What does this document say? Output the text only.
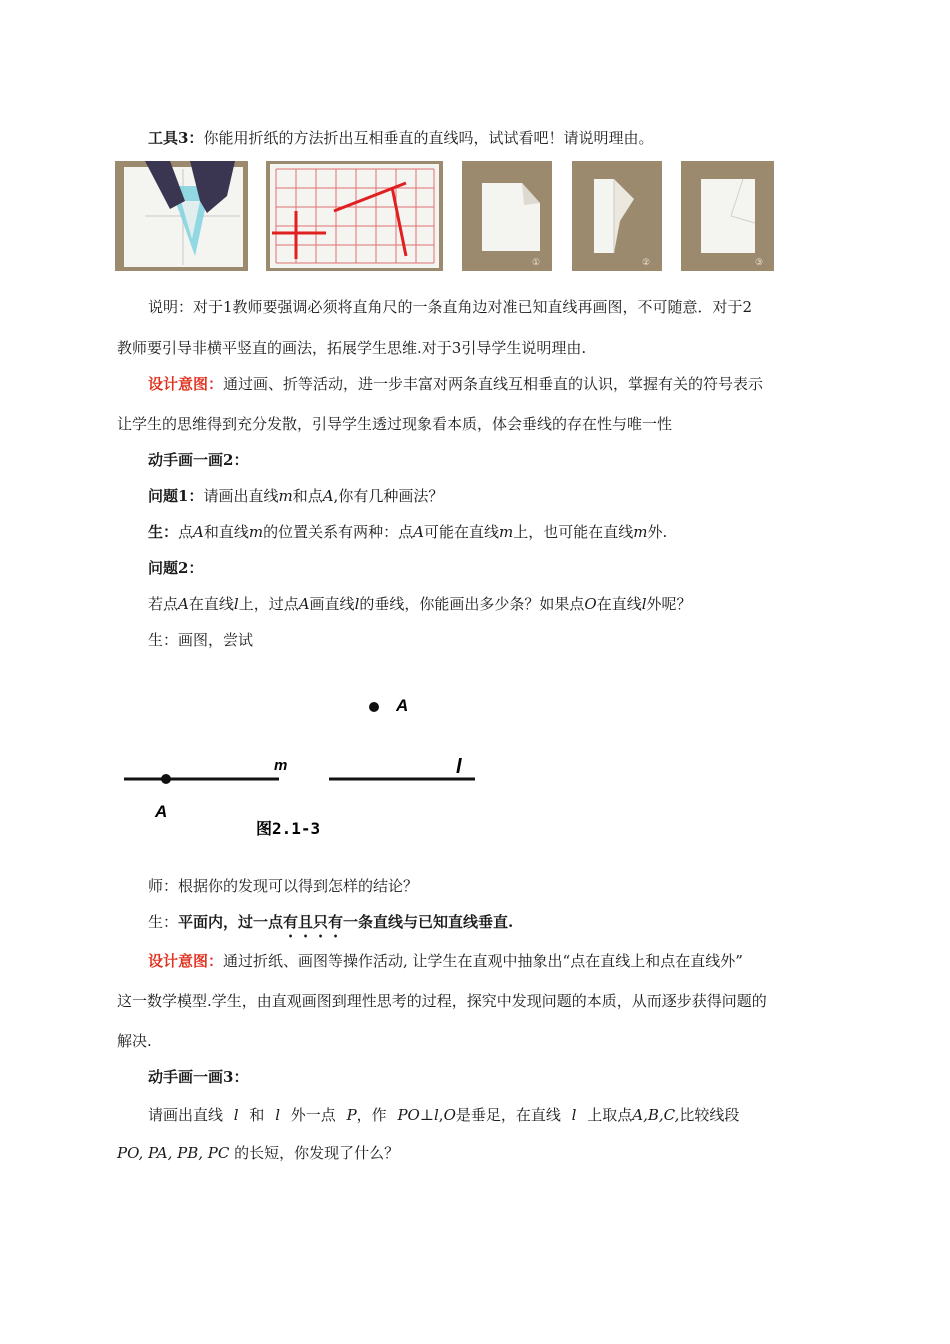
工具3：你能用折纸的方法折出互相垂直的直线吗，试试看吧！请说明理由。
①	②	③
说明：对于1教师要强调必须将直角尺的一条直角边对准已知直线再画图，不可随意．对于2
教师要引导非横平竖直的画法，拓展学生思维.对于3引导学生说明理由.
设计意图：通过画、折等活动，进一步丰富对两条直线互相垂直的认识，掌握有关的符号表示
让学生的思维得到充分发散，引导学生透过现象看本质，体会垂线的存在性与唯一性
动手画一画2：
问题1：请画出直线m和点A,你有几种画法？
生：点A和直线m的位置关系有两种：点A可能在直线m上，也可能在直线m外.
问题2：
若点A在直线l上，过点A画直线l的垂线，你能画出多少条？如果点O在直线l外呢？
生：画图，尝试
A
m	l
A
图2.1-3
师：根据你的发现可以得到怎样的结论？
生：平面内，过一点有且只有一条直线与已知直线垂直.
设计意图：通过折纸、画图等操作活动, 让学生在直观中抽象出“点在直线上和点在直线外”
这一数学模型.学生，由直观画图到理性思考的过程，探究中发现问题的本质，从而逐步获得问题的
解决.
动手画一画3：
请画出直线 l 和 l 外一点 P，作 PO⊥l,O是垂足，在直线 l 上取点A,B,C,比较线段
PO, PA, PB, PC 的长短，你发现了什么？
